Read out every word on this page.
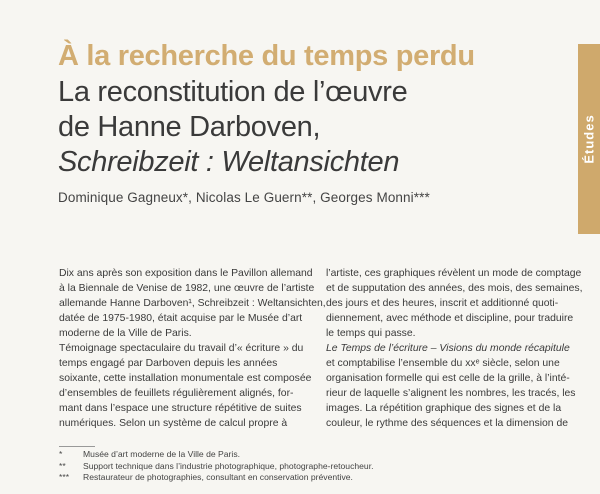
À la recherche du temps perdu
La reconstitution de l’œuvre
de Hanne Darboven,
Schreibzeit : Weltansichten
Dominique Gagneux*, Nicolas Le Guern**, Georges Monni***
Études

Dix ans après son exposition dans le Pavillon allemand
à la Biennale de Venise de 1982, une œuvre de l’artiste
allemande Hanne Darboven¹, Schreibzeit : Weltansichten,
datée de 1975-1980, était acquise par le Musée d’art
moderne de la Ville de Paris.
Témoignage spectaculaire du travail d’« écriture » du
temps engagé par Darboven depuis les années
soixante, cette installation monumentale est composée
d’ensembles de feuillets régulièrement alignés, for-
mant dans l’espace une structure répétitive de suites
numériques. Selon un système de calcul propre à

l’artiste, ces graphiques révèlent un mode de comptage
et de supputation des années, des mois, des semaines,
des jours et des heures, inscrit et additionné quoti-
diennement, avec méthode et discipline, pour traduire
le temps qui passe.
Le Temps de l’écriture – Visions du monde récapitule
et comptabilise l’ensemble du xxᵉ siècle, selon une
organisation formelle qui est celle de la grille, à l’inté-
rieur de laquelle s’alignent les nombres, les tracés, les
images. La répétition graphique des signes et de la
couleur, le rythme des séquences et la dimension de

* Musée d’art moderne de la Ville de Paris.
** Support technique dans l’industrie photographique, photographe-retoucheur.
*** Restaurateur de photographies, consultant en conservation préventive.
